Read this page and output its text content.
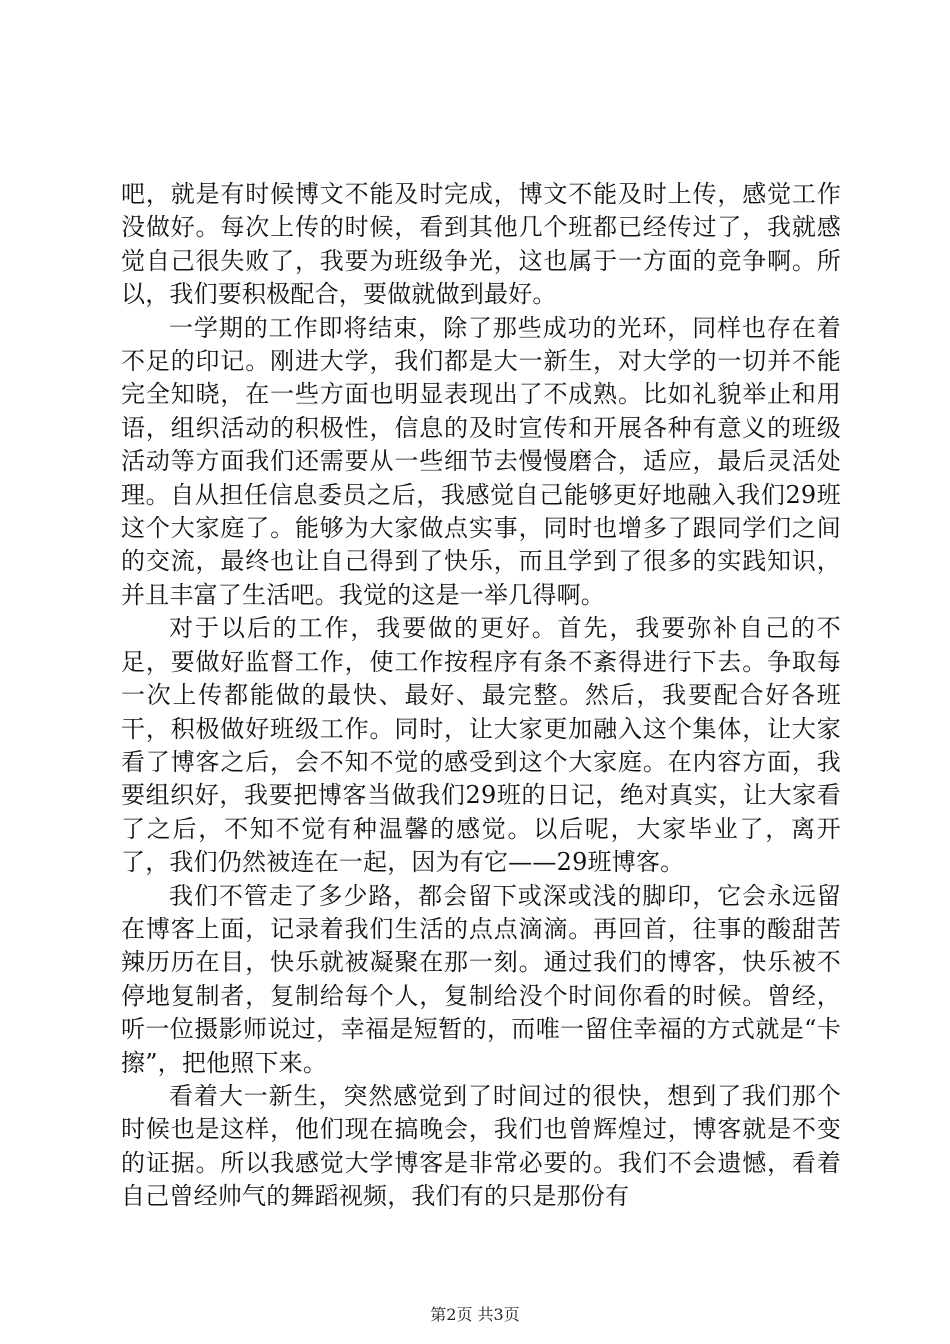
吧，就是有时候博文不能及时完成，博文不能及时上传，感觉工作没做好。每次上传的时候，看到其他几个班都已经传过了，我就感觉自己很失败了，我要为班级争光，这也属于一方面的竞争啊。所以，我们要积极配合，要做就做到最好。

一学期的工作即将结束，除了那些成功的光环，同样也存在着不足的印记。刚进大学，我们都是大一新生，对大学的一切并不能完全知晓，在一些方面也明显表现出了不成熟。比如礼貌举止和用语，组织活动的积极性，信息的及时宣传和开展各种有意义的班级活动等方面我们还需要从一些细节去慢慢磨合，适应，最后灵活处理。自从担任信息委员之后，我感觉自己能够更好地融入我们29班这个大家庭了。能够为大家做点实事，同时也增多了跟同学们之间的交流，最终也让自己得到了快乐，而且学到了很多的实践知识，并且丰富了生活吧。我觉的这是一举几得啊。

对于以后的工作，我要做的更好。首先，我要弥补自己的不足，要做好监督工作，使工作按程序有条不紊得进行下去。争取每一次上传都能做的最快、最好、最完整。然后，我要配合好各班干，积极做好班级工作。同时，让大家更加融入这个集体，让大家看了博客之后，会不知不觉的感受到这个大家庭。在内容方面，我要组织好，我要把博客当做我们29班的日记，绝对真实，让大家看了之后，不知不觉有种温馨的感觉。以后呢，大家毕业了，离开了，我们仍然被连在一起，因为有它——29班博客。

我们不管走了多少路，都会留下或深或浅的脚印，它会永远留在博客上面，记录着我们生活的点点滴滴。再回首，往事的酸甜苦辣历历在目，快乐就被凝聚在那一刻。通过我们的博客，快乐被不停地复制者，复制给每个人，复制给没个时间你看的时候。曾经，听一位摄影师说过，幸福是短暂的，而唯一留住幸福的方式就是“卡擦”，把他照下来。

看着大一新生，突然感觉到了时间过的很快，想到了我们那个时候也是这样，他们现在搞晚会，我们也曾辉煌过，博客就是不变的证据。所以我感觉大学博客是非常必要的。我们不会遗憾，看着自己曾经帅气的舞蹈视频，我们有的只是那份有

第2页 共3页
